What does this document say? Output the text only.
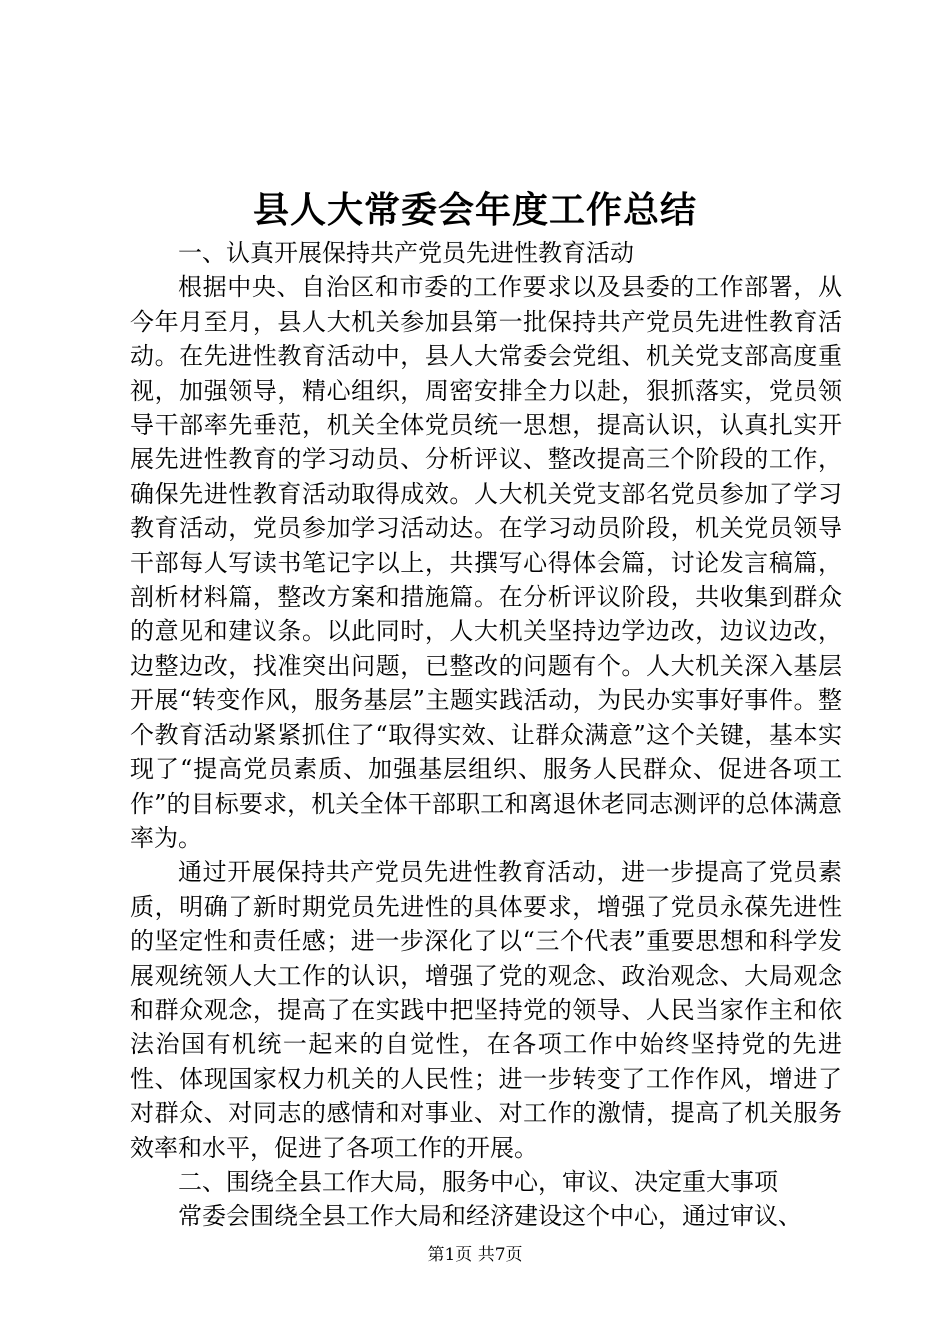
县人大常委会年度工作总结

一、认真开展保持共产党员先进性教育活动

根据中央、自治区和市委的工作要求以及县委的工作部署，从今年月至月，县人大机关参加县第一批保持共产党员先进性教育活动。在先进性教育活动中，县人大常委会党组、机关党支部高度重视，加强领导，精心组织，周密安排全力以赴，狠抓落实，党员领导干部率先垂范，机关全体党员统一思想，提高认识，认真扎实开展先进性教育的学习动员、分析评议、整改提高三个阶段的工作，确保先进性教育活动取得成效。人大机关党支部名党员参加了学习教育活动，党员参加学习活动达。在学习动员阶段，机关党员领导干部每人写读书笔记字以上，共撰写心得体会篇，讨论发言稿篇，剖析材料篇，整改方案和措施篇。在分析评议阶段，共收集到群众的意见和建议条。以此同时，人大机关坚持边学边改，边议边改，边整边改，找准突出问题，已整改的问题有个。人大机关深入基层开展“转变作风，服务基层”主题实践活动，为民办实事好事件。整个教育活动紧紧抓住了“取得实效、让群众满意”这个关键，基本实现了“提高党员素质、加强基层组织、服务人民群众、促进各项工作”的目标要求，机关全体干部职工和离退休老同志测评的总体满意率为。

通过开展保持共产党员先进性教育活动，进一步提高了党员素质，明确了新时期党员先进性的具体要求，增强了党员永葆先进性的坚定性和责任感；进一步深化了以“三个代表”重要思想和科学发展观统领人大工作的认识，增强了党的观念、政治观念、大局观念和群众观念，提高了在实践中把坚持党的领导、人民当家作主和依法治国有机统一起来的自觉性，在各项工作中始终坚持党的先进性、体现国家权力机关的人民性；进一步转变了工作作风，增进了对群众、对同志的感情和对事业、对工作的激情，提高了机关服务效率和水平，促进了各项工作的开展。

二、围绕全县工作大局，服务中心，审议、决定重大事项

常委会围绕全县工作大局和经济建设这个中心，通过审议、

第1页 共7页
